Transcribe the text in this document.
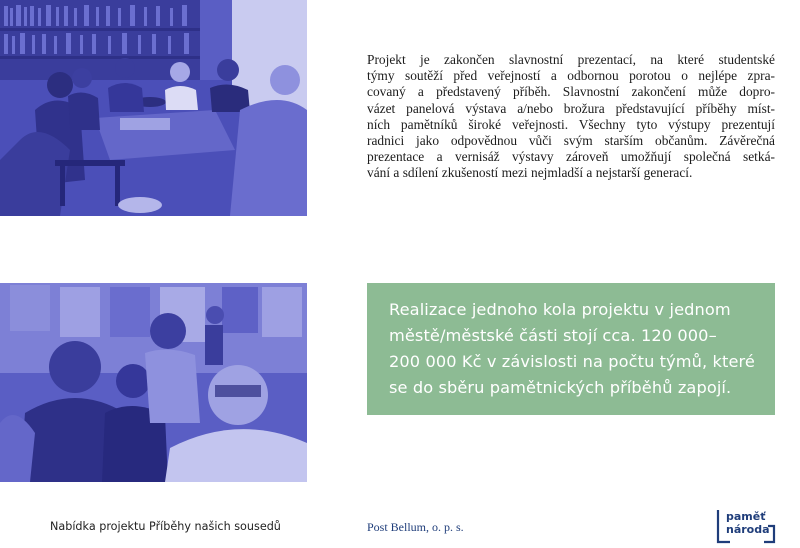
Projekt je zakončen slavnostní prezentací, na které studentské
týmy soutěží před veřejností a odbornou porotou o nejlépe zpra-
covaný a představený příběh. Slavnostní zakončení může dopro-
vázet panelová výstava a/nebo brožura představující příběhy míst-
ních pamětníků široké veřejnosti. Všechny tyto výstupy prezentují
radnici jako odpovědnou vůči svým starším občanům. Závěrečná
prezentace a vernisáž výstavy zároveň umožňují společná setká-
vání a sdílení zkušeností mezi nejmladší a nejstarší generací.

Realizace jednoho kola projektu v jednom
městě/městské části stojí cca. 120 000–
200 000 Kč v závislosti na počtu týmů, které
se do sběru pamětnických příběhů zapojí.
Nabídka projektu Příběhy našich sousedů	Post Bellum, o. p. s.
paměť
národa
